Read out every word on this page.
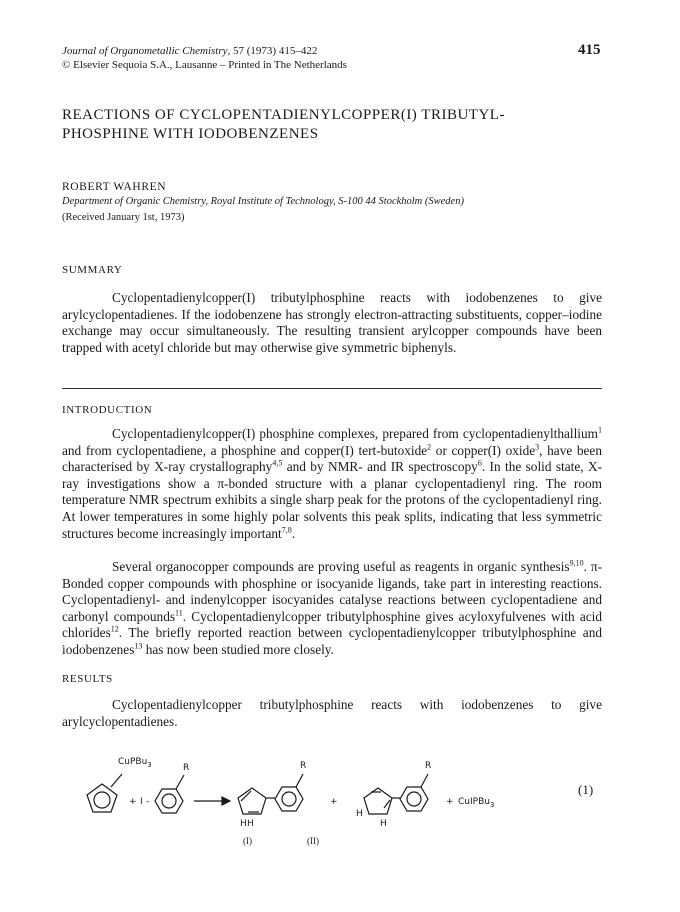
Journal of Organometallic Chemistry, 57 (1973) 415–422
© Elsevier Sequoia S.A., Lausanne – Printed in The Netherlands
415
REACTIONS OF CYCLOPENTADIENYLCOPPER(I) TRIBUTYL-
PHOSPHINE WITH IODOBENZENES
ROBERT WAHREN
Department of Organic Chemistry, Royal Institute of Technology, S-100 44 Stockholm (Sweden)
(Received January 1st, 1973)
SUMMARY

Cyclopentadienylcopper(I) tributylphosphine reacts with iodobenzenes to give arylcyclopentadienes. If the iodobenzene has strongly electron-attracting substituents, copper–iodine exchange may occur simultaneously. The resulting transient arylcopper compounds have been trapped with acetyl chloride but may otherwise give symmetric biphenyls.

INTRODUCTION

Cyclopentadienylcopper(I) phosphine complexes, prepared from cyclopentadienylthallium$^1$ and from cyclopentadiene, a phosphine and copper(I) tert-butoxide$^2$ or copper(I) oxide$^3$, have been characterised by X-ray crystallography$^{4,5}$ and by NMR- and IR spectroscopy$^6$. In the solid state, X-ray investigations show a π-bonded structure with a planar cyclopentadienyl ring. The room temperature NMR spectrum exhibits a single sharp peak for the protons of the cyclopentadienyl ring. At lower temperatures in some highly polar solvents this peak splits, indicating that less symmetric structures become increasingly important$^{7,8}$.

Several organocopper compounds are proving useful as reagents in organic synthesis$^{9,10}$. π-Bonded copper compounds with phosphine or isocyanide ligands, take part in interesting reactions. Cyclopentadienyl- and indenylcopper isocyanides catalyse reactions between cyclopentadiene and carbonyl compounds$^{11}$. Cyclopentadienylcopper tributylphosphine gives acyloxyfulvenes with acid chlorides$^{12}$. The briefly reported reaction between cyclopentadienylcopper tributylphosphine and iodobenzenes$^{13}$ has now been studied more closely.

RESULTS

Cyclopentadienylcopper tributylphosphine reacts with iodobenzenes to give arylcyclopentadienes.

CuPBu$_3$
+ I -
R
H H
R
+
H
H
R
+ CuIPBu$_3$
(I)	(II)
(1)
